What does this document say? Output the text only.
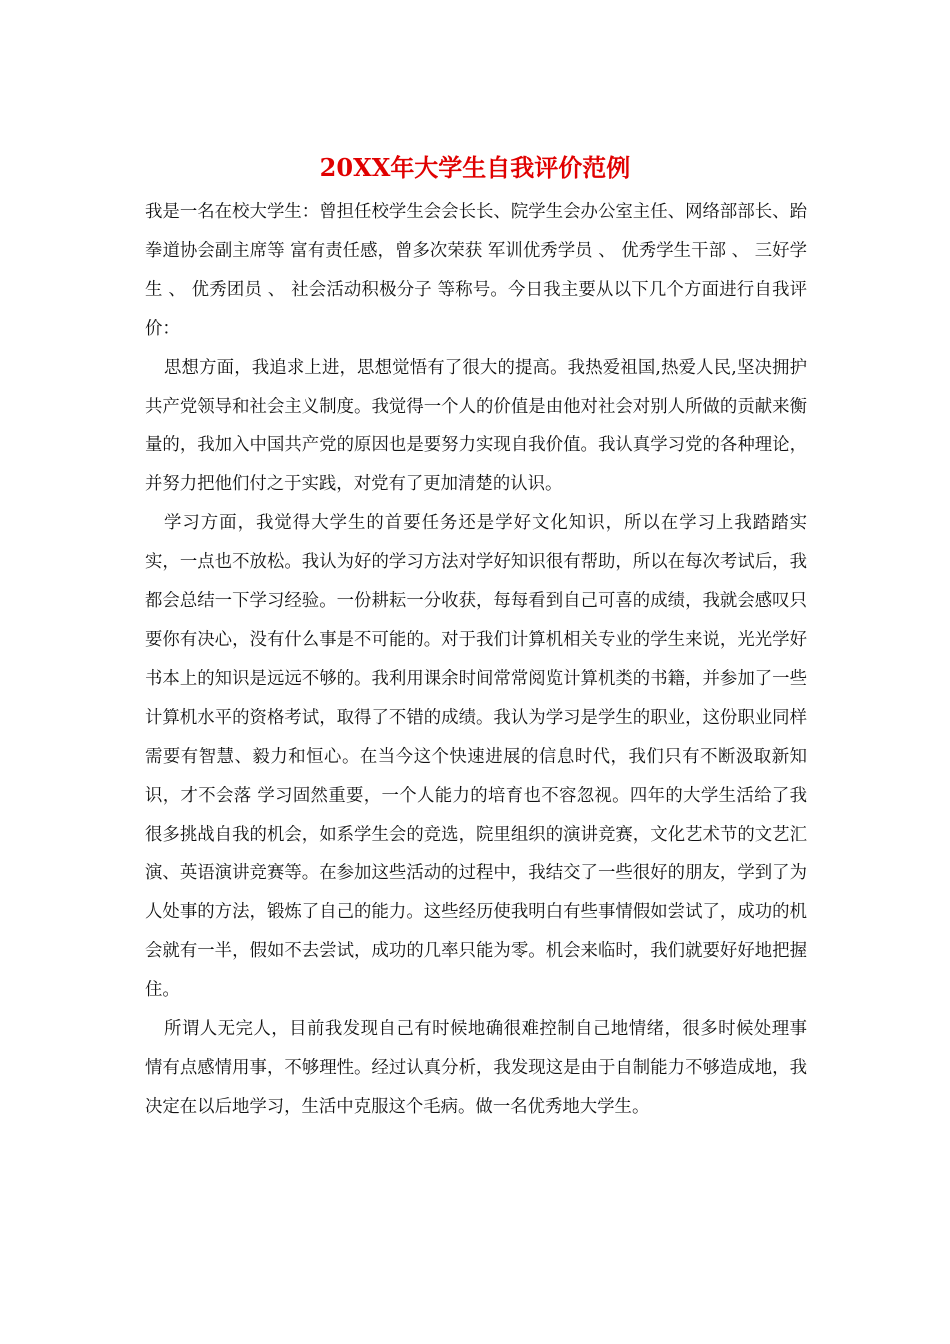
20XX年大学生自我评价范例

我是一名在校大学生：曾担任校学生会会长长、院学生会办公室主任、网络部部长、跆拳道协会副主席等 富有责任感，曾多次荣获 军训优秀学员 、 优秀学生干部 、 三好学生 、 优秀团员 、 社会活动积极分子 等称号。今日我主要从以下几个方面进行自我评价：

思想方面，我追求上进，思想觉悟有了很大的提高。我热爱祖国,热爱人民,坚决拥护共产党领导和社会主义制度。我觉得一个人的价值是由他对社会对别人所做的贡献来衡量的，我加入中国共产党的原因也是要努力实现自我价值。我认真学习党的各种理论，并努力把他们付之于实践，对党有了更加清楚的认识。

学习方面，我觉得大学生的首要任务还是学好文化知识，所以在学习上我踏踏实实，一点也不放松。我认为好的学习方法对学好知识很有帮助，所以在每次考试后，我都会总结一下学习经验。一份耕耘一分收获，每每看到自己可喜的成绩，我就会感叹只要你有决心，没有什么事是不可能的。对于我们计算机相关专业的学生来说，光光学好书本上的知识是远远不够的。我利用课余时间常常阅览计算机类的书籍，并参加了一些计算机水平的资格考试，取得了不错的成绩。我认为学习是学生的职业，这份职业同样需要有智慧、毅力和恒心。在当今这个快速进展的信息时代，我们只有不断汲取新知识，才不会落 学习固然重要，一个人能力的培育也不容忽视。四年的大学生活给了我很多挑战自我的机会，如系学生会的竞选，院里组织的演讲竞赛，文化艺术节的文艺汇演、英语演讲竞赛等。在参加这些活动的过程中，我结交了一些很好的朋友，学到了为人处事的方法，锻炼了自己的能力。这些经历使我明白有些事情假如尝试了，成功的机会就有一半，假如不去尝试，成功的几率只能为零。机会来临时，我们就要好好地把握住。

所谓人无完人，目前我发现自己有时候地确很难控制自己地情绪，很多时候处理事情有点感情用事，不够理性。经过认真分析，我发现这是由于自制能力不够造成地，我决定在以后地学习，生活中克服这个毛病。做一名优秀地大学生。
